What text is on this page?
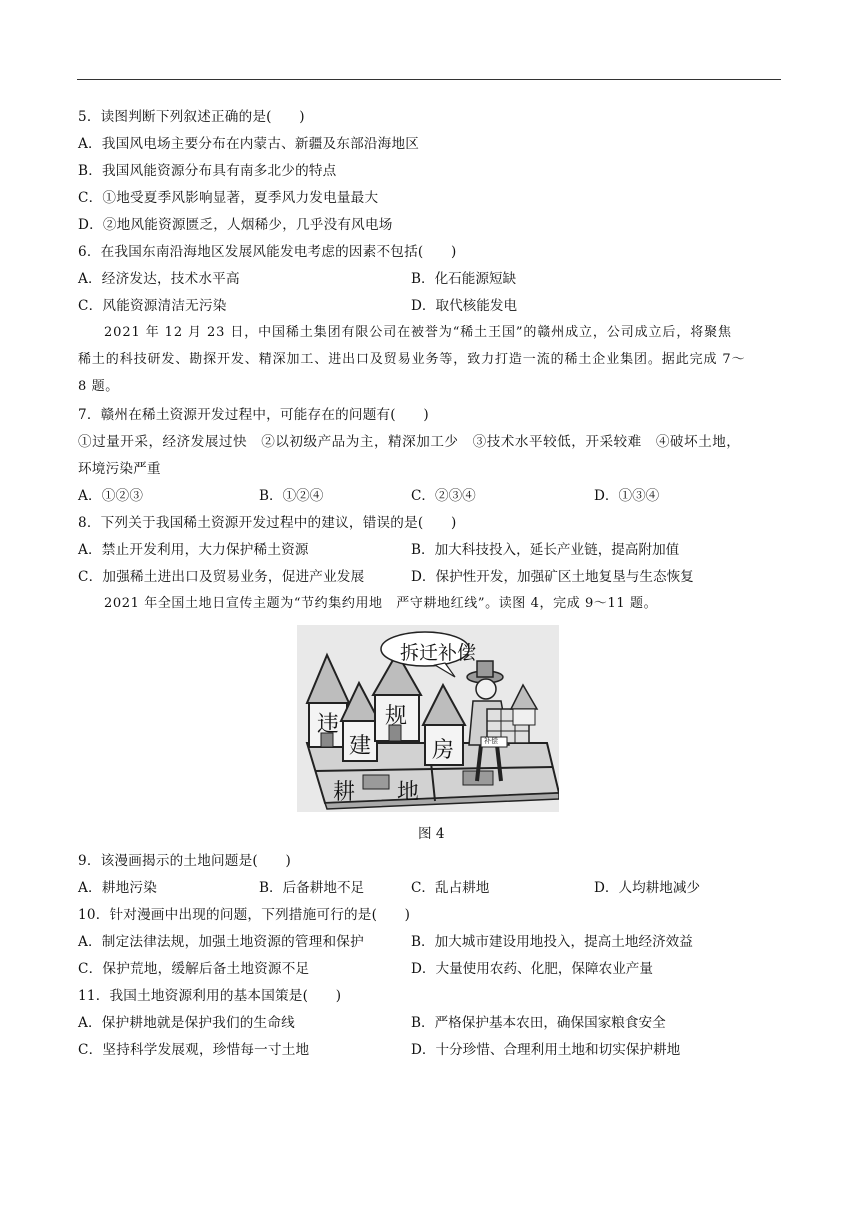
5．读图判断下列叙述正确的是(　　)
A．我国风电场主要分布在内蒙古、新疆及东部沿海地区
B．我国风能资源分布具有南多北少的特点
C．①地受夏季风影响显著，夏季风力发电量最大
D．②地风能资源匮乏，人烟稀少，几乎没有风电场
6．在我国东南沿海地区发展风能发电考虑的因素不包括(　　)
A．经济发达，技术水平高	B．化石能源短缺
C．风能资源清洁无污染	D．取代核能发电
2021 年 12 月 23 日，中国稀土集团有限公司在被誉为“稀土王国”的赣州成立，公司成立后，将聚焦
稀土的科技研发、勘探开发、精深加工、进出口及贸易业务等，致力打造一流的稀土企业集团。据此完成 7～
8 题。
7．赣州在稀土资源开发过程中，可能存在的问题有(　　)
①过量开采，经济发展过快　②以初级产品为主，精深加工少　③技术水平较低，开采较难　④破坏土地，
环境污染严重
A．①②③	B．①②④	C．②③④	D．①③④
8．下列关于我国稀土资源开发过程中的建议，错误的是(　　)
A．禁止开发利用，大力保护稀土资源	B．加大科技投入，延长产业链，提高附加值
C．加强稀土进出口及贸易业务，促进产业发展	D．保护性开发，加强矿区土地复垦与生态恢复
2021 年全国土地日宣传主题为“节约集约用地　严守耕地红线”。读图 4，完成 9～11 题。
拆迁补偿
违 规
建	房
耕 地
补偿
图 4
9．该漫画揭示的土地问题是(　　)
A．耕地污染	B．后备耕地不足	C．乱占耕地	D．人均耕地减少
10．针对漫画中出现的问题，下列措施可行的是(　　)
A．制定法律法规，加强土地资源的管理和保护	B．加大城市建设用地投入，提高土地经济效益
C．保护荒地，缓解后备土地资源不足	D．大量使用农药、化肥，保障农业产量
11．我国土地资源利用的基本国策是(　　)
A．保护耕地就是保护我们的生命线	B．严格保护基本农田，确保国家粮食安全
C．坚持科学发展观，珍惜每一寸土地	D．十分珍惜、合理利用土地和切实保护耕地
